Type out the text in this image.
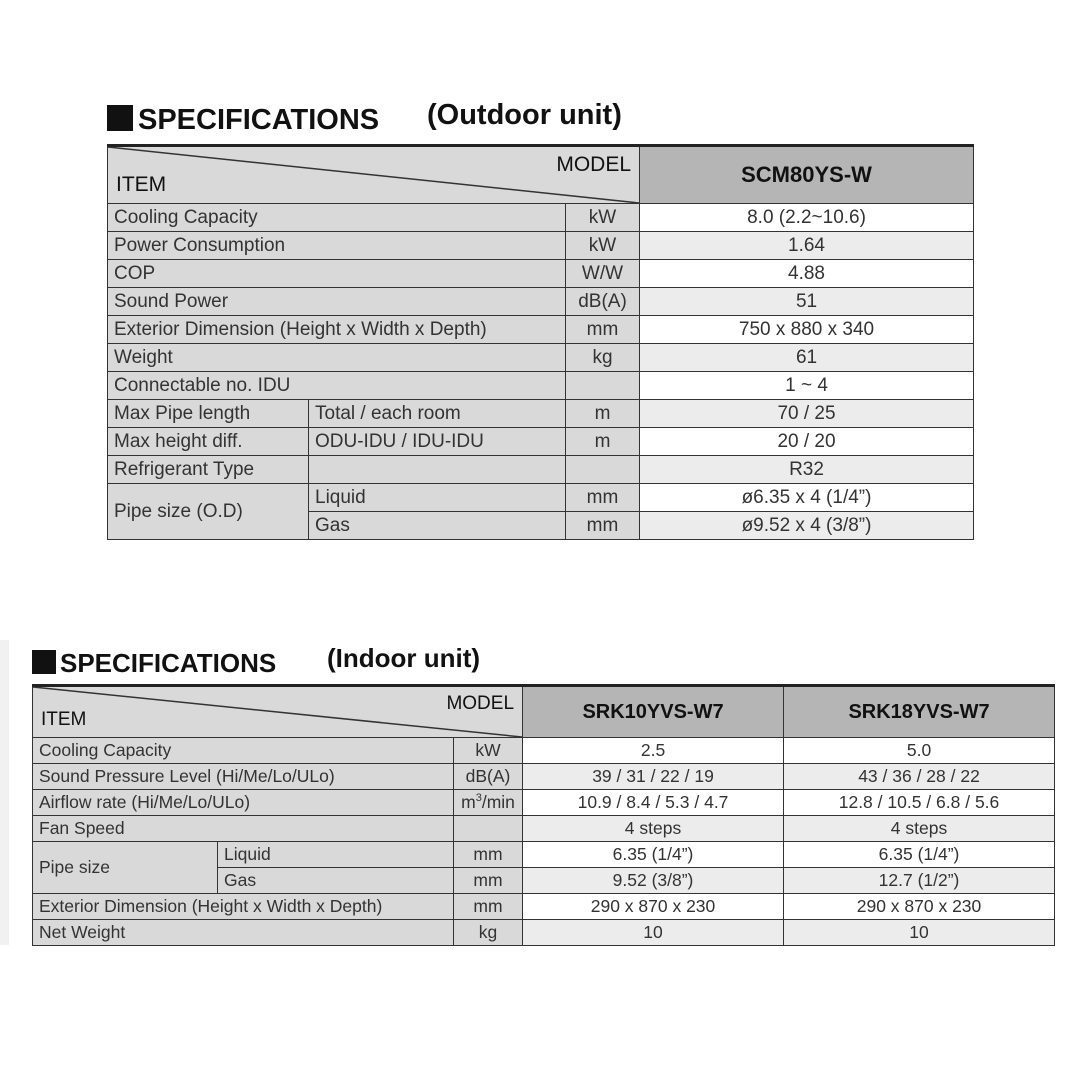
SPECIFICATIONS (Outdoor unit)
MODEL
ITEM			SCM80YS-W
Cooling Capacity		kW	8.0 (2.2~10.6)
Power Consumption		kW	1.64
COP		W/W	4.88
Sound Power		dB(A)	51
Exterior Dimension (Height x Width x Depth)		mm	750 x 880 x 340
Weight		kg	61
Connectable no. IDU			1 ~ 4
Max Pipe length	Total / each room	m	70 / 25
Max height diff.	ODU-IDU / IDU-IDU	m	20 / 20
Refrigerant Type			R32
Pipe size (O.D)	Liquid	mm	ø6.35 x 4 (1/4”)
	Gas	mm	ø9.52 x 4 (3/8”)
SPECIFICATIONS (Indoor unit)
MODEL
ITEM			SRK10YVS-W7	SRK18YVS-W7
Cooling Capacity		kW	2.5	5.0
Sound Pressure Level (Hi/Me/Lo/ULo)		dB(A)	39 / 31 / 22 / 19	43 / 36 / 28 / 22
Airflow rate (Hi/Me/Lo/ULo)		$m^3/\min$	10.9 / 8.4 / 5.3 / 4.7	12.8 / 10.5 / 6.8 / 5.6
Fan Speed			4 steps	4 steps
Pipe size	Liquid	mm	6.35 (1/4”)	6.35 (1/4”)
	Gas	mm	9.52 (3/8”)	12.7 (1/2”)
Exterior Dimension (Height x Width x Depth)		mm	290 x 870 x 230	290 x 870 x 230
Net Weight		kg	10	10
